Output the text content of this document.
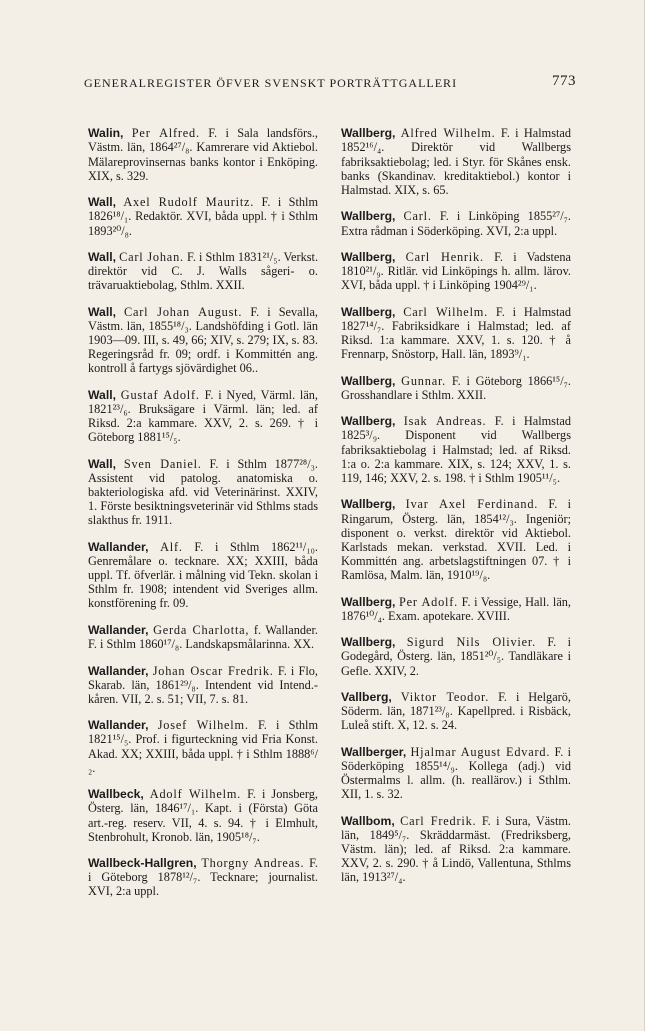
GENERALREGISTER ÖFVER SVENSKT PORTRÄTTGALLERI	773

Walin, Per Alfred. F. i Sala landsförs., Västm. län, 1864²⁷/₈. Kamrerare vid Aktiebol. Mälareprovinsernas banks kontor i Enköping. XIX, s. 329.

Wall, Axel Rudolf Mauritz. F. i Sthlm 1826¹⁸/₁. Redaktör. XVI, båda uppl. † i Sthlm 1893²⁰/₈.

Wall, Carl Johan. F. i Sthlm 1831²¹/₅. Verkst. direktör vid C. J. Walls sågeri- o. trävaruaktiebolag, Sthlm. XXII.

Wall, Carl Johan August. F. i Sevalla, Västm. län, 1855¹⁸/₃. Landshöfding i Gotl. län 1903—09. III, s. 49, 66; XIV, s. 279; IX, s. 83. Regeringsråd fr. 09; ordf. i Kommittén ang. kontroll å fartygs sjövärdighet 06..

Wall, Gustaf Adolf. F. i Nyed, Värml. län, 1821²³/₆. Bruksägare i Värml. län; led. af Riksd. 2:a kammare. XXV, 2. s. 269. † i Göteborg 1881¹⁵/₅.

Wall, Sven Daniel. F. i Sthlm 1877²⁸/₃. Assistent vid patolog. anatomiska o. bakteriologiska afd. vid Veterinärinst. XXIV, 1. Förste besiktningsveterinär vid Sthlms stads slakthus fr. 1911.

Wallander, Alf. F. i Sthlm 1862¹¹/₁₀. Genremålare o. tecknare. XX; XXIII, båda uppl. Tf. öfverlär. i målning vid Tekn. skolan i Sthlm fr. 1908; intendent vid Sveriges allm. konstförening fr. 09.

Wallander, Gerda Charlotta, f. Wallander. F. i Sthlm 1860¹⁷/₈. Landskapsmålarinna. XX.

Wallander, Johan Oscar Fredrik. F. i Flo, Skarab. län, 1861²⁹/₈. Intendent vid Intend.-kåren. VII, 2. s. 51; VII, 7. s. 81.

Wallander, Josef Wilhelm. F. i Sthlm 1821¹⁵/₅. Prof. i figurteckning vid Fria Konst. Akad. XX; XXIII, båda uppl. † i Sthlm 1888⁶/₂.

Wallbeck, Adolf Wilhelm. F. i Jonsberg, Österg. län, 1846¹⁷/₁. Kapt. i (Första) Göta art.-reg. reserv. VII, 4. s. 94. † i Elmhult, Stenbrohult, Kronob. län, 1905¹⁸/₇.

Wallbeck-Hallgren, Thorgny Andreas. F. i Göteborg 1878¹²/₇. Tecknare; journalist. XVI, 2:a uppl.

Wallberg, Alfred Wilhelm. F. i Halmstad 1852¹⁶/₄. Direktör vid Wallbergs fabriksaktiebolag; led. i Styr. för Skånes ensk. banks (Skandinav. kreditaktiebol.) kontor i Halmstad. XIX, s. 65.

Wallberg, Carl. F. i Linköping 1855²⁷/₇. Extra rådman i Söderköping. XVI, 2:a uppl.

Wallberg, Carl Henrik. F. i Vadstena 1810²¹/₉. Ritlär. vid Linköpings h. allm. lärov. XVI, båda uppl. † i Linköping 1904²⁹/₁.

Wallberg, Carl Wilhelm. F. i Halmstad 1827¹⁴/₇. Fabriksidkare i Halmstad; led. af Riksd. 1:a kammare. XXV, 1. s. 120. † å Frennarp, Snöstorp, Hall. län, 1893⁹/₁.

Wallberg, Gunnar. F. i Göteborg 1866¹⁵/₇. Grosshandlare i Sthlm. XXII.

Wallberg, Isak Andreas. F. i Halmstad 1825³/₉. Disponent vid Wallbergs fabriksaktiebolag i Halmstad; led. af Riksd. 1:a o. 2:a kammare. XIX, s. 124; XXV, 1. s. 119, 146; XXV, 2. s. 198. † i Sthlm 1905¹¹/₅.

Wallberg, Ivar Axel Ferdinand. F. i Ringarum, Österg. län, 1854¹²/₃. Ingeniör; disponent o. verkst. direktör vid Aktiebol. Karlstads mekan. verkstad. XVII. Led. i Kommittén ang. arbetslagstiftningen 07. † i Ramlösa, Malm. län, 1910¹⁹/₈.

Wallberg, Per Adolf. F. i Vessige, Hall. län, 1876¹⁰/₄. Exam. apotekare. XVIII.

Wallberg, Sigurd Nils Olivier. F. i Godegård, Österg. län, 1851²⁰/₅. Tandläkare i Gefle. XXIV, 2.

Vallberg, Viktor Teodor. F. i Helgarö, Söderm. län, 1871²³/₈. Kapellpred. i Risbäck, Luleå stift. X, 12. s. 24.

Wallberger, Hjalmar August Edvard. F. i Söderköping 1855¹⁴/₉. Kollega (adj.) vid Östermalms l. allm. (h. reallärov.) i Sthlm. XII, 1. s. 32.

Wallbom, Carl Fredrik. F. i Sura, Västm. län, 1849⁵/₇. Skräddarmäst. (Fredriksberg, Västm. län); led. af Riksd. 2:a kammare. XXV, 2. s. 290. † å Lindö, Vallentuna, Sthlms län, 1913²⁷/₄.
